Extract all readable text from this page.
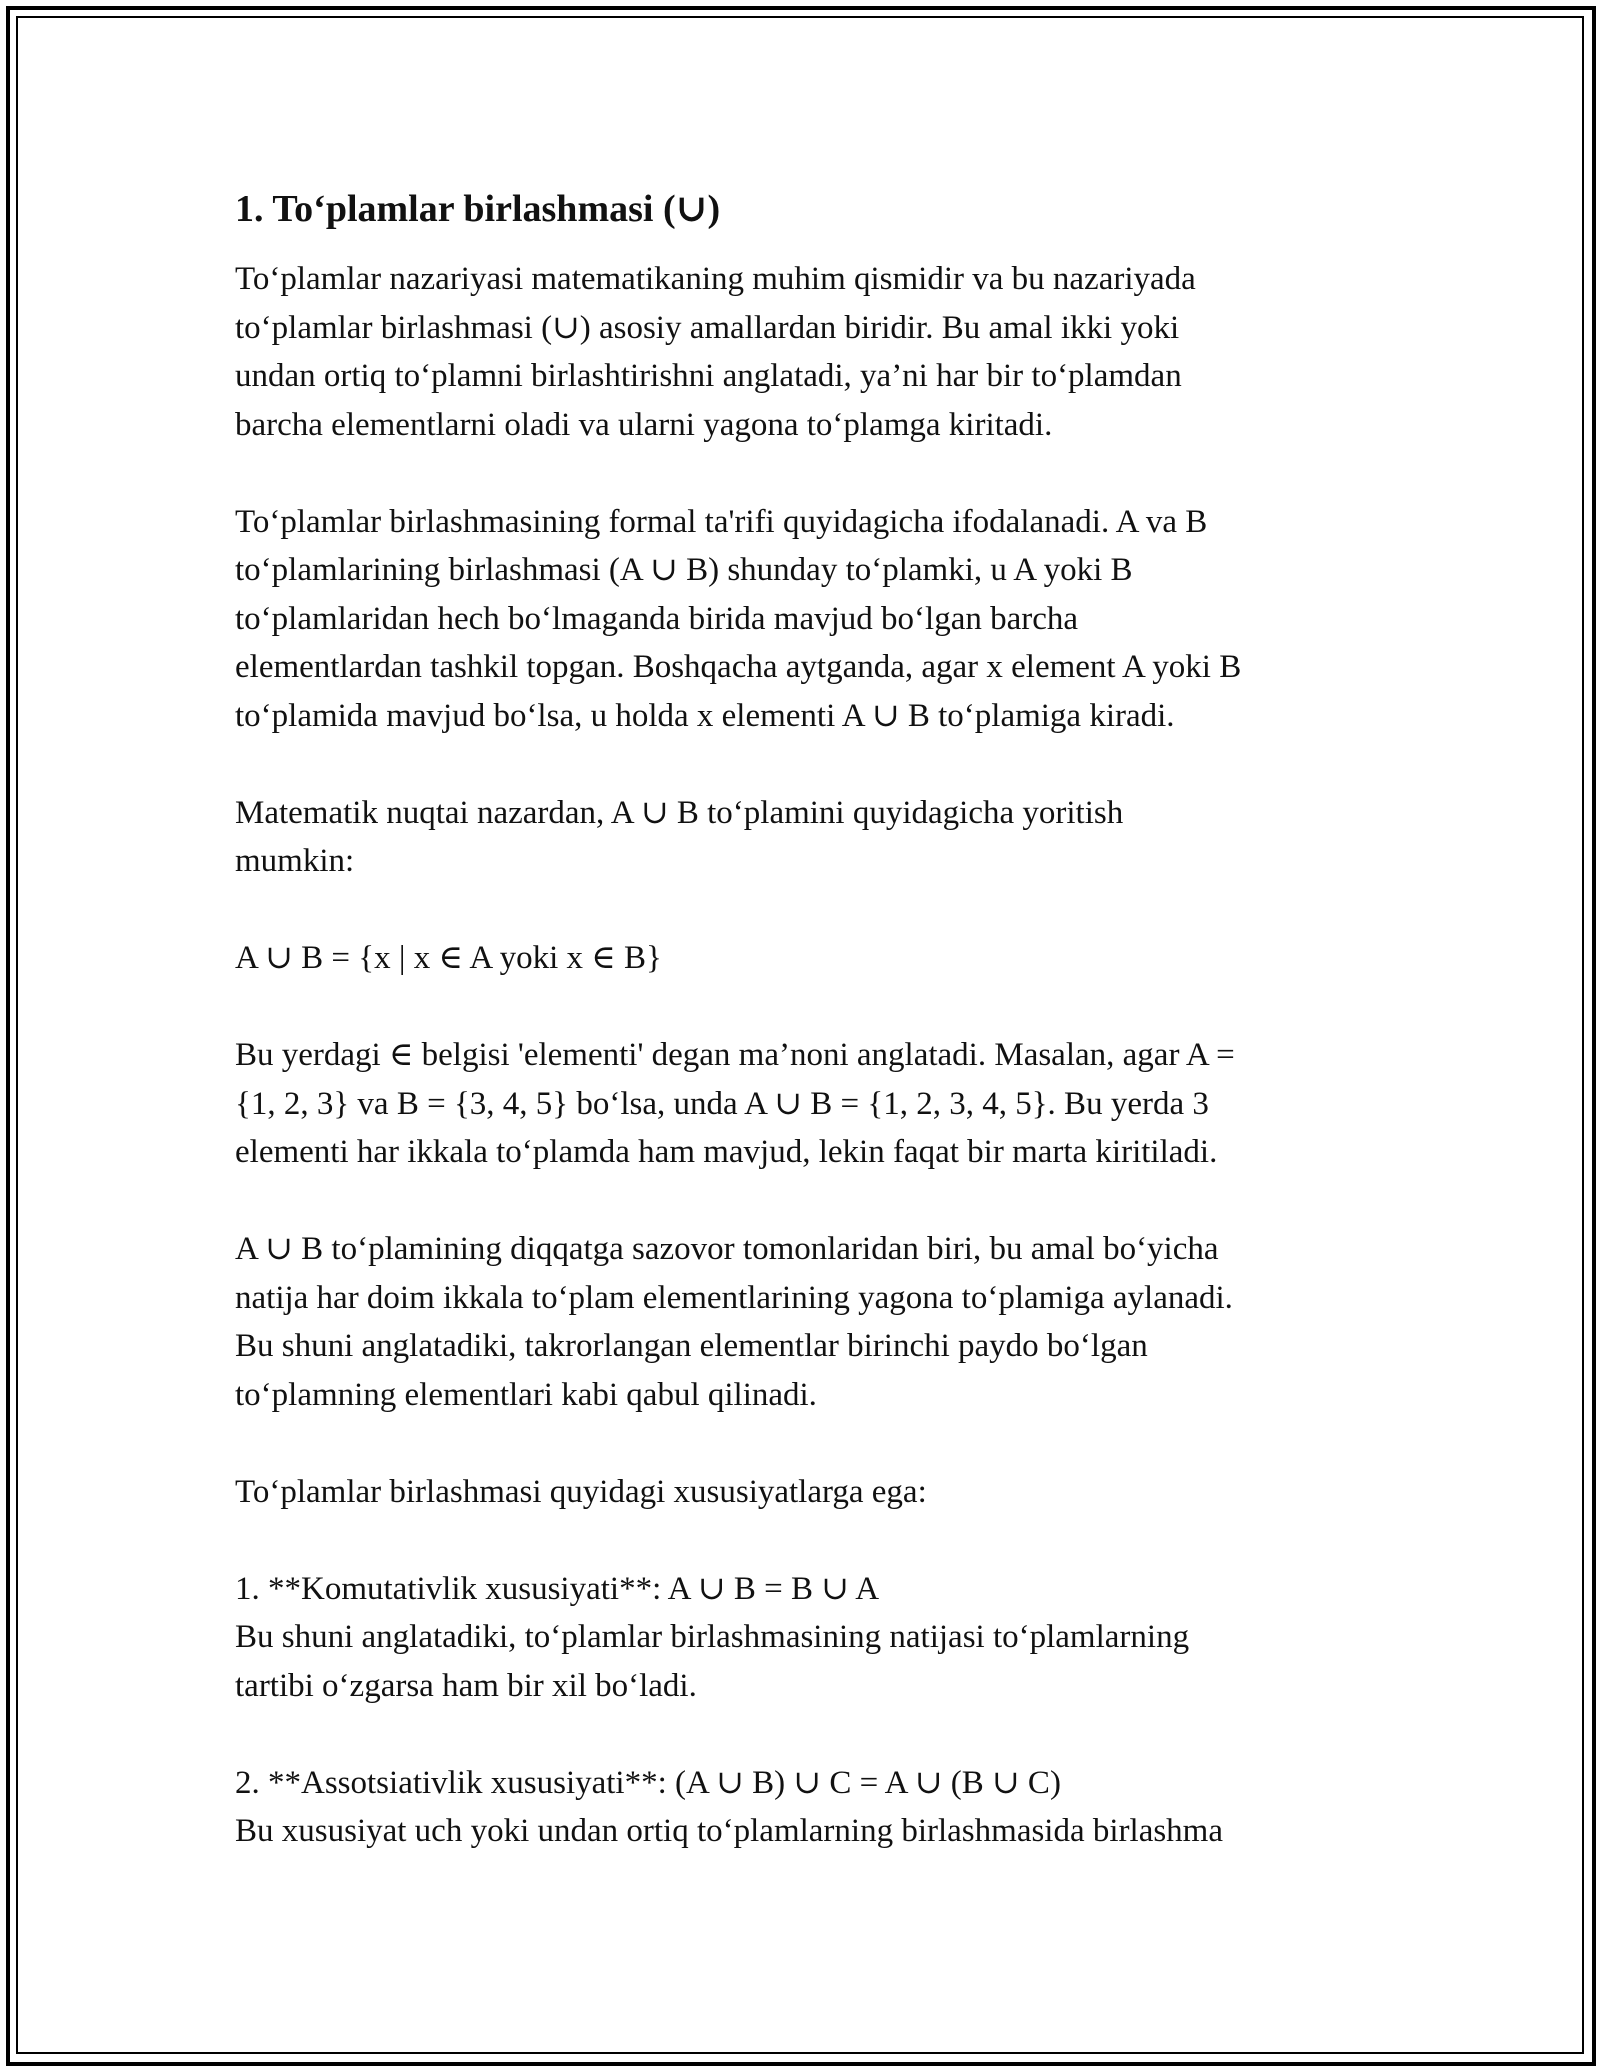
1. To‘plamlar birlashmasi (∪)

To‘plamlar nazariyasi matematikaning muhim qismidir va bu nazariyada
to‘plamlar birlashmasi (∪) asosiy amallardan biridir. Bu amal ikki yoki
undan ortiq to‘plamni birlashtirishni anglatadi, ya’ni har bir to‘plamdan
barcha elementlarni oladi va ularni yagona to‘plamga kiritadi.

To‘plamlar birlashmasining formal ta'rifi quyidagicha ifodalanadi. A va B
to‘plamlarining birlashmasi (A ∪ B) shunday to‘plamki, u A yoki B
to‘plamlaridan hech bo‘lmaganda birida mavjud bo‘lgan barcha
elementlardan tashkil topgan. Boshqacha aytganda, agar x element A yoki B
to‘plamida mavjud bo‘lsa, u holda x elementi A ∪ B to‘plamiga kiradi.

Matematik nuqtai nazardan, A ∪ B to‘plamini quyidagicha yoritish
mumkin:

A ∪ B = {x | x ∈ A yoki x ∈ B}

Bu yerdagi ∈ belgisi 'elementi' degan ma’noni anglatadi. Masalan, agar A =
{1, 2, 3} va B = {3, 4, 5} bo‘lsa, unda A ∪ B = {1, 2, 3, 4, 5}. Bu yerda 3
elementi har ikkala to‘plamda ham mavjud, lekin faqat bir marta kiritiladi.

A ∪ B to‘plamining diqqatga sazovor tomonlaridan biri, bu amal bo‘yicha
natija har doim ikkala to‘plam elementlarining yagona to‘plamiga aylanadi.
Bu shuni anglatadiki, takrorlangan elementlar birinchi paydo bo‘lgan
to‘plamning elementlari kabi qabul qilinadi.

To‘plamlar birlashmasi quyidagi xususiyatlarga ega:

1. **Komutativlik xususiyati**: A ∪ B = B ∪ A
Bu shuni anglatadiki, to‘plamlar birlashmasining natijasi to‘plamlarning
tartibi o‘zgarsa ham bir xil bo‘ladi.

2. **Assotsiativlik xususiyati**: (A ∪ B) ∪ C = A ∪ (B ∪ C)
Bu xususiyat uch yoki undan ortiq to‘plamlarning birlashmasida birlashma
